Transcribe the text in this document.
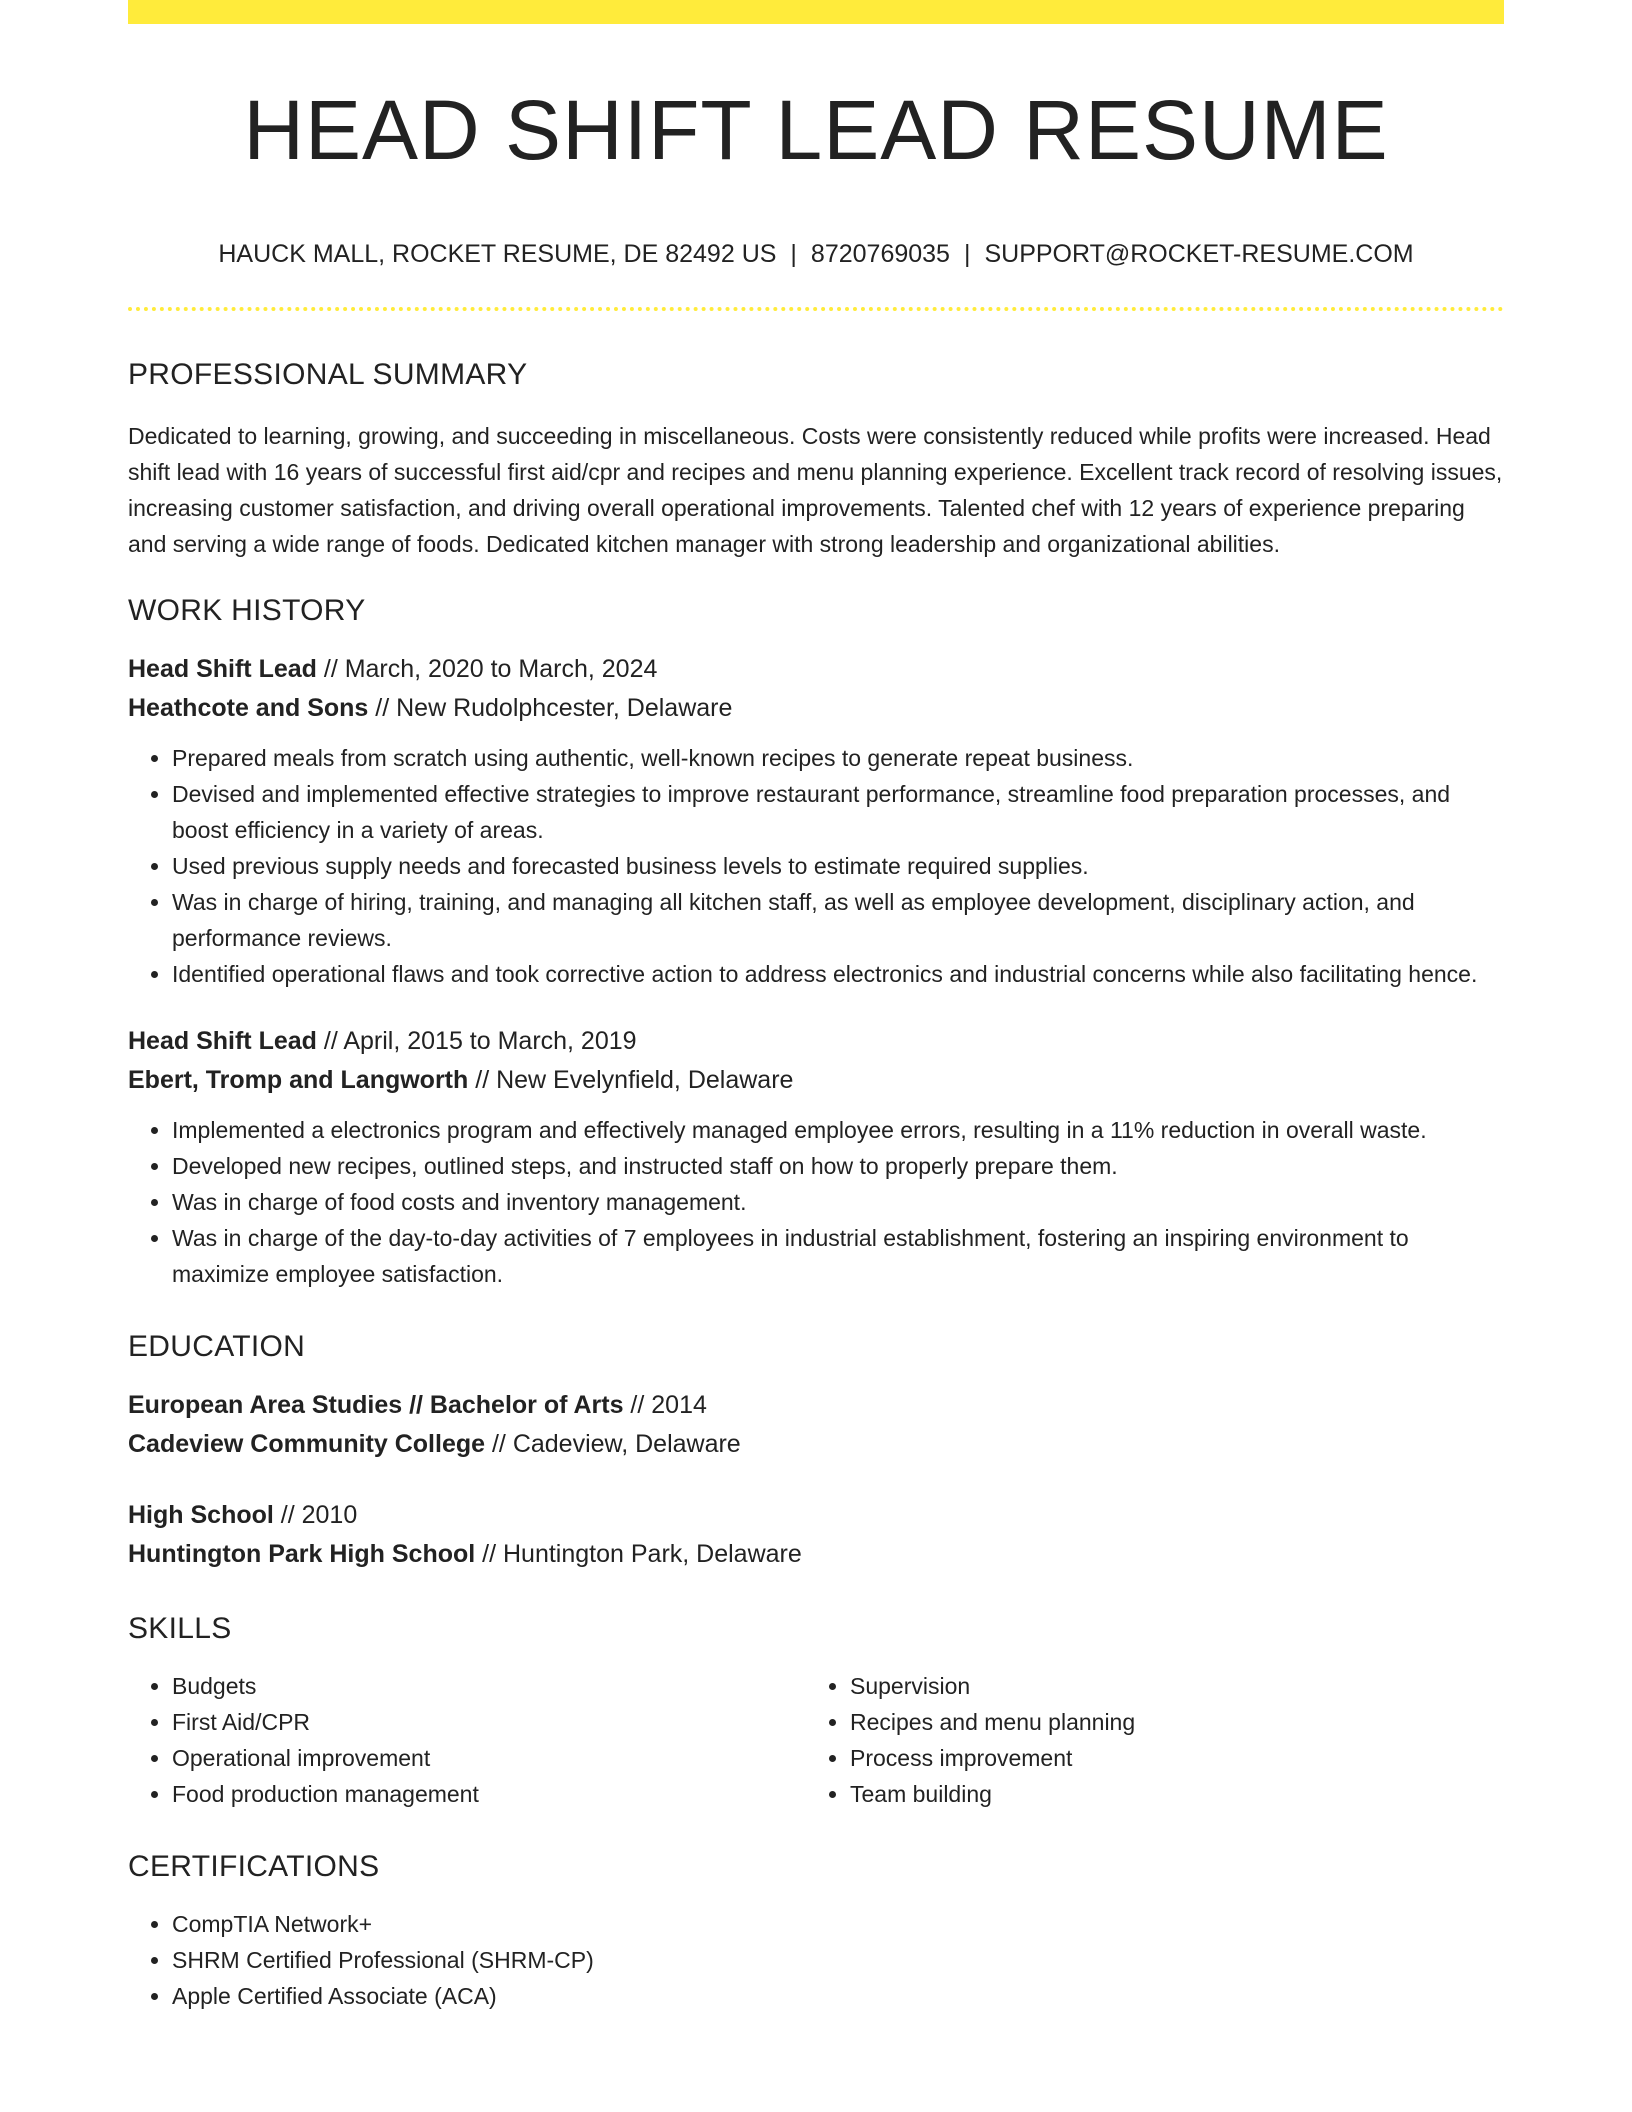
HEAD SHIFT LEAD RESUME
HAUCK MALL, ROCKET RESUME, DE 82492 US | 8720769035 | SUPPORT@ROCKET-RESUME.COM
PROFESSIONAL SUMMARY

Dedicated to learning, growing, and succeeding in miscellaneous. Costs were consistently reduced while profits were increased. Head shift lead with 16 years of successful first aid/cpr and recipes and menu planning experience. Excellent track record of resolving issues, increasing customer satisfaction, and driving overall operational improvements. Talented chef with 12 years of experience preparing and serving a wide range of foods. Dedicated kitchen manager with strong leadership and organizational abilities.

WORK HISTORY
Head Shift Lead // March, 2020 to March, 2024
Heathcote and Sons // New Rudolphcester, Delaware
• Prepared meals from scratch using authentic, well-known recipes to generate repeat business.
• Devised and implemented effective strategies to improve restaurant performance, streamline food preparation processes, and boost efficiency in a variety of areas.
• Used previous supply needs and forecasted business levels to estimate required supplies.
• Was in charge of hiring, training, and managing all kitchen staff, as well as employee development, disciplinary action, and performance reviews.
• Identified operational flaws and took corrective action to address electronics and industrial concerns while also facilitating hence.
Head Shift Lead // April, 2015 to March, 2019
Ebert, Tromp and Langworth // New Evelynfield, Delaware
• Implemented a electronics program and effectively managed employee errors, resulting in a 11% reduction in overall waste.
• Developed new recipes, outlined steps, and instructed staff on how to properly prepare them.
• Was in charge of food costs and inventory management.
• Was in charge of the day-to-day activities of 7 employees in industrial establishment, fostering an inspiring environment to maximize employee satisfaction.
EDUCATION
European Area Studies // Bachelor of Arts // 2014
Cadeview Community College // Cadeview, Delaware
High School // 2010
Huntington Park High School // Huntington Park, Delaware
SKILLS
• Budgets
• First Aid/CPR
• Operational improvement
• Food production management
• Supervision
• Recipes and menu planning
• Process improvement
• Team building
CERTIFICATIONS
• CompTIA Network+
• SHRM Certified Professional (SHRM-CP)
• Apple Certified Associate (ACA)
